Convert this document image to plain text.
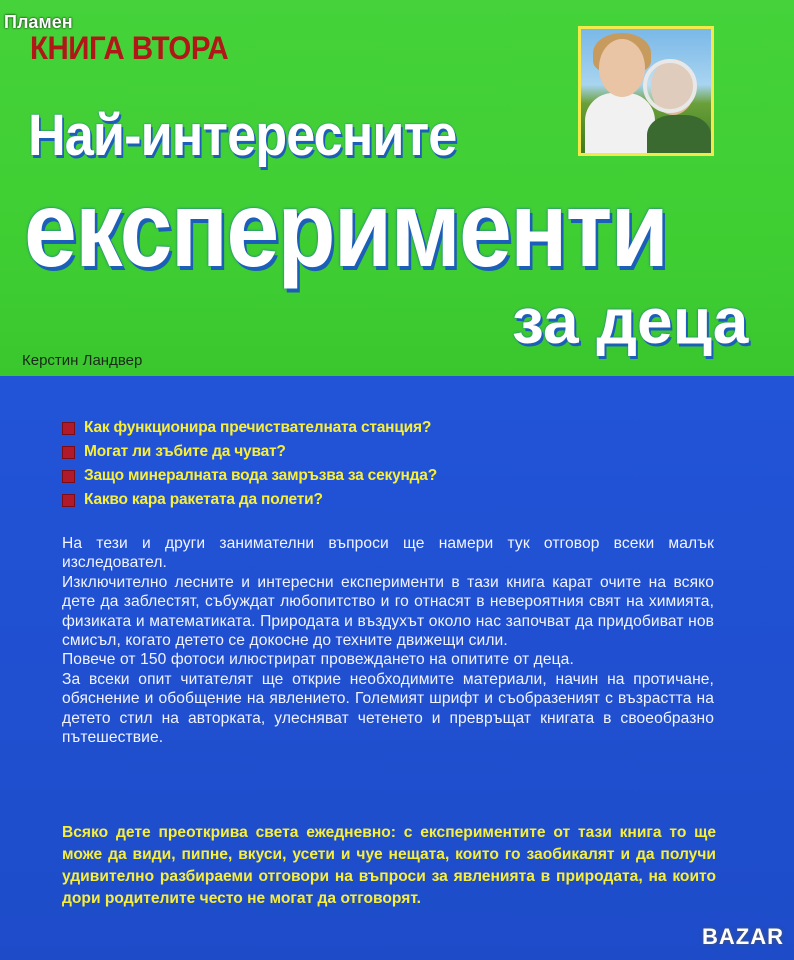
Пламен
КНИГА ВТОРА
Най-интересните
експерименти
за деца
Керстин Ландвер
Как функционира пречиствателната станция?
Могат ли зъбите да чуват?
Защо минералната вода замръзва за секунда?
Какво кара ракетата да полети?

На тези и други занимателни въпроси ще намери тук отговор всеки малък изследовател.

Изключително лесните и интересни експерименти в тази книга карат очите на всяко дете да заблестят, събуждат любопитство и го отнасят в невероятния свят на химията, физиката и математиката. Природата и въздухът около нас започват да придобиват нов смисъл, когато детето се докосне до техните движещи сили.

Повече от 150 фотоси илюстрират провеждането на опитите от деца.

За всеки опит читателят ще открие необходимите материали, начин на протичане, обяснение и обобщение на явлението. Големият шрифт и съобразеният с възрастта на детето стил на авторката, улесняват четенето и превръщат книгата в своеобразно пътешествие.

Всяко дете преоткрива света ежедневно: с експериментите от тази книга то ще може да види, пипне, вкуси, усети и чуе нещата, които го заобикалят и да получи удивително разбираеми отговори на въпроси за явленията в природата, на които дори родителите често не могат да отговорят.

BAZAR
